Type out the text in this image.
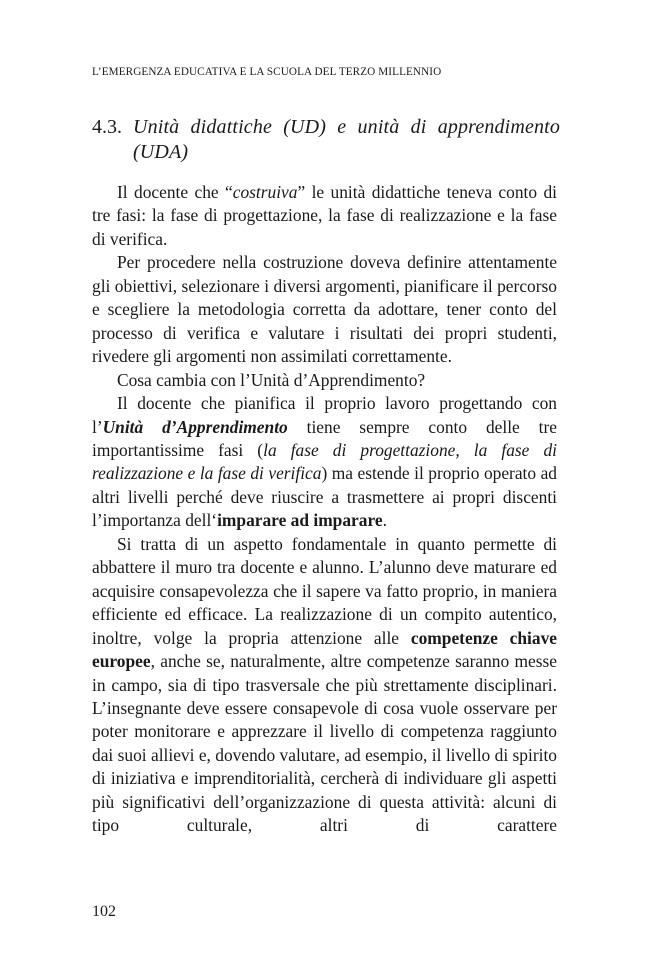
L’EMERGENZA EDUCATIVA E LA SCUOLA DEL TERZO MILLENNIO
4.3. Unità didattiche (UD) e unità di apprendimento (UDA)

Il docente che “costruiva” le unità didattiche teneva conto di tre fasi: la fase di progettazione, la fase di realizzazione e la fase di verifica.

Per procedere nella costruzione doveva definire attentamente gli obiettivi, selezionare i diversi argomenti, pianificare il percorso e scegliere la metodologia corretta da adottare, tener conto del processo di verifica e valutare i risultati dei propri studenti, rivedere gli argomenti non assimilati correttamente.

Cosa cambia con l’Unità d’Apprendimento?

Il docente che pianifica il proprio lavoro progettando con l’Unità d’Apprendimento tiene sempre conto delle tre importantissime fasi (la fase di progettazione, la fase di realizzazione e la fase di verifica) ma estende il proprio operato ad altri livelli perché deve riuscire a trasmettere ai propri discenti l’importanza dell‘imparare ad imparare.

Si tratta di un aspetto fondamentale in quanto permette di abbattere il muro tra docente e alunno. L’alunno deve maturare ed acquisire consapevolezza che il sapere va fatto proprio, in maniera efficiente ed efficace. La realizzazione di un compito autentico, inoltre, volge la propria attenzione alle competenze chiave europee, anche se, naturalmente, altre competenze saranno messe in campo, sia di tipo trasversale che più strettamente disciplinari. L’insegnante deve essere consapevole di cosa vuole osservare per poter monitorare e apprezzare il livello di competenza raggiunto dai suoi allievi e, dovendo valutare, ad esempio, il livello di spirito di iniziativa e imprenditorialità, cercherà di individuare gli aspetti più significativi dell’organizzazione di questa attività: alcuni di tipo culturale, altri di carattere

102
